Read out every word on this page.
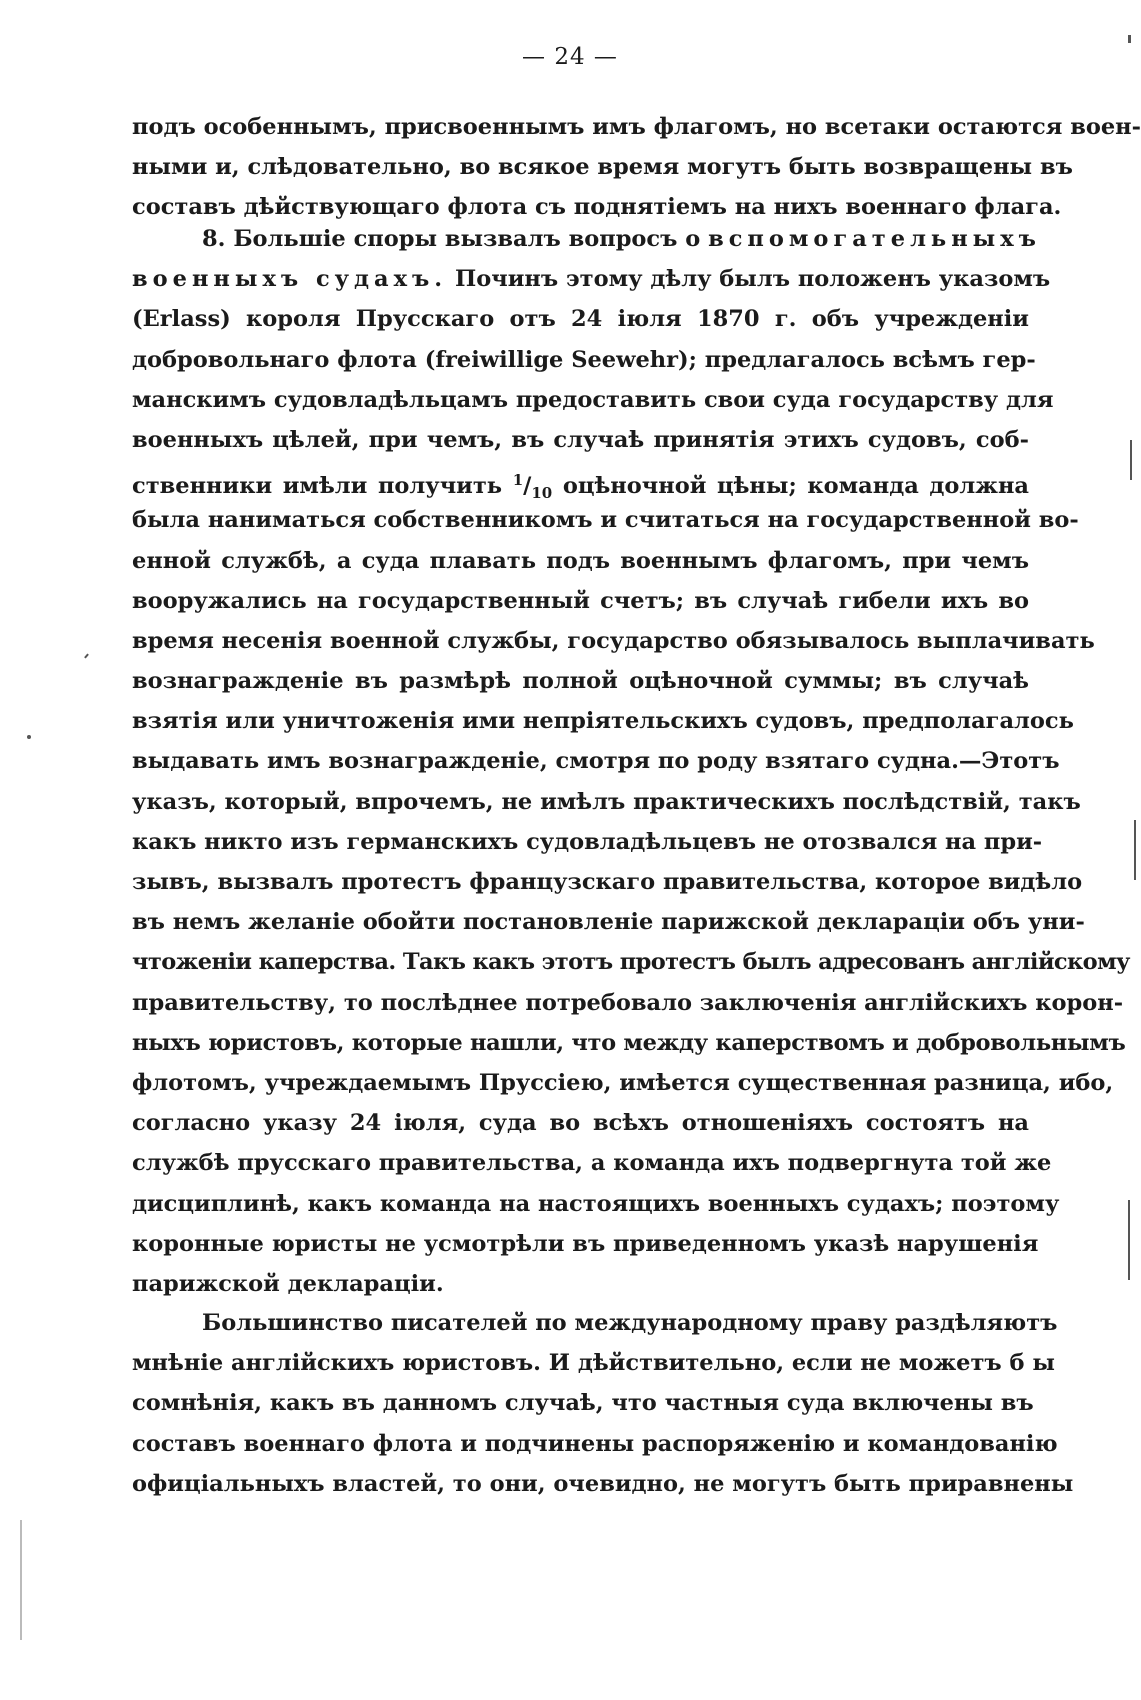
— 24 —
подъ особеннымъ, присвоеннымъ имъ флагомъ, но всетаки остаются воен-
ными и, слѣдовательно, во всякое время могутъ быть возвращены въ
составъ дѣйствующаго флота съ поднятіемъ на нихъ военнаго флага.
8. Большіе споры вызвалъ вопросъ о вспомогательныхъ
военныхъ судахъ. Починъ этому дѣлу былъ положенъ указомъ
(Erlass) короля Прусскаго отъ 24 іюля 1870 г. объ учрежденіи
добровольнаго флота (freiwillige Seewehr); предлагалось всѣмъ гер-
манскимъ судовладѣльцамъ предоставить свои суда государству для
военныхъ цѣлей, при чемъ, въ случаѣ принятія этихъ судовъ, соб-
ственники имѣли получить $^1/_{10}$ оцѣночной цѣны; команда должна
была наниматься собственникомъ и считаться на государственной во-
енной службѣ, а суда плавать подъ военнымъ флагомъ, при чемъ
вооружались на государственный счетъ; въ случаѣ гибели ихъ во
время несенія военной службы, государство обязывалось выплачивать
вознагражденіе въ размѣрѣ полной оцѣночной суммы; въ случаѣ
взятія или уничтоженія ими непріятельскихъ судовъ, предполагалось
выдавать имъ вознагражденіе, смотря по роду взятаго судна.—Этотъ
указъ, который, впрочемъ, не имѣлъ практическихъ послѣдствій, такъ
какъ никто изъ германскихъ судовладѣльцевъ не отозвался на при-
зывъ, вызвалъ протестъ французскаго правительства, которое видѣло
въ немъ желаніе обойти постановленіе парижской деклараціи объ уни-
чтоженіи каперства. Такъ какъ этотъ протестъ былъ адресованъ англійскому
правительству, то послѣднее потребовало заключенія англійскихъ корон-
ныхъ юристовъ, которые нашли, что между каперствомъ и добровольнымъ
флотомъ, учреждаемымъ Пруссіею, имѣется существенная разница, ибо,
согласно указу 24 іюля, суда во всѣхъ отношеніяхъ состоятъ на
службѣ прусскаго правительства, а команда ихъ подвергнута той же
дисциплинѣ, какъ команда на настоящихъ военныхъ судахъ; поэтому
коронные юристы не усмотрѣли въ приведенномъ указѣ нарушенія
парижской деклараціи.
Большинство писателей по международному праву раздѣляютъ
мнѣніе англійскихъ юристовъ. И дѣйствительно, если не можетъ б ы
сомнѣнія, какъ въ данномъ случаѣ, что частныя суда включены въ
составъ военнаго флота и подчинены распоряженію и командованію
офиціальныхъ властей, то они, очевидно, не могутъ быть приравнены
